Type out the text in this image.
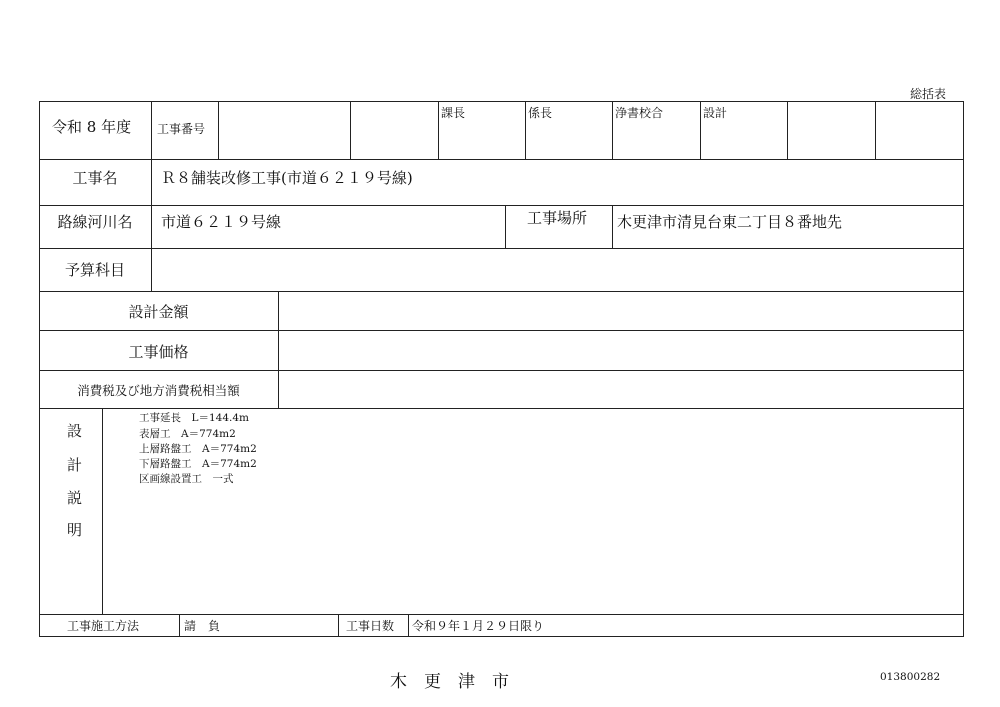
総括表
令和 8 年度 工事番号
課長	係長	浄書校合	設計
工事名	Ｒ８舗装改修工事(市道６２１９号線)
路線河川名	市道６２１９号線	工事場所 木更津市清見台東二丁目８番地先
予算科目
設計金額
工事価格
消費税及び地方消費税相当額
設
計
説
明
工事延長　L＝144.4m
表層工　A＝774m2
上層路盤工　A＝774m2
下層路盤工　A＝774m2
区画線設置工　一式
工事施工方法	請　負	工事日数 令和９年１月２９日限り
木　更　津　市	013800282
